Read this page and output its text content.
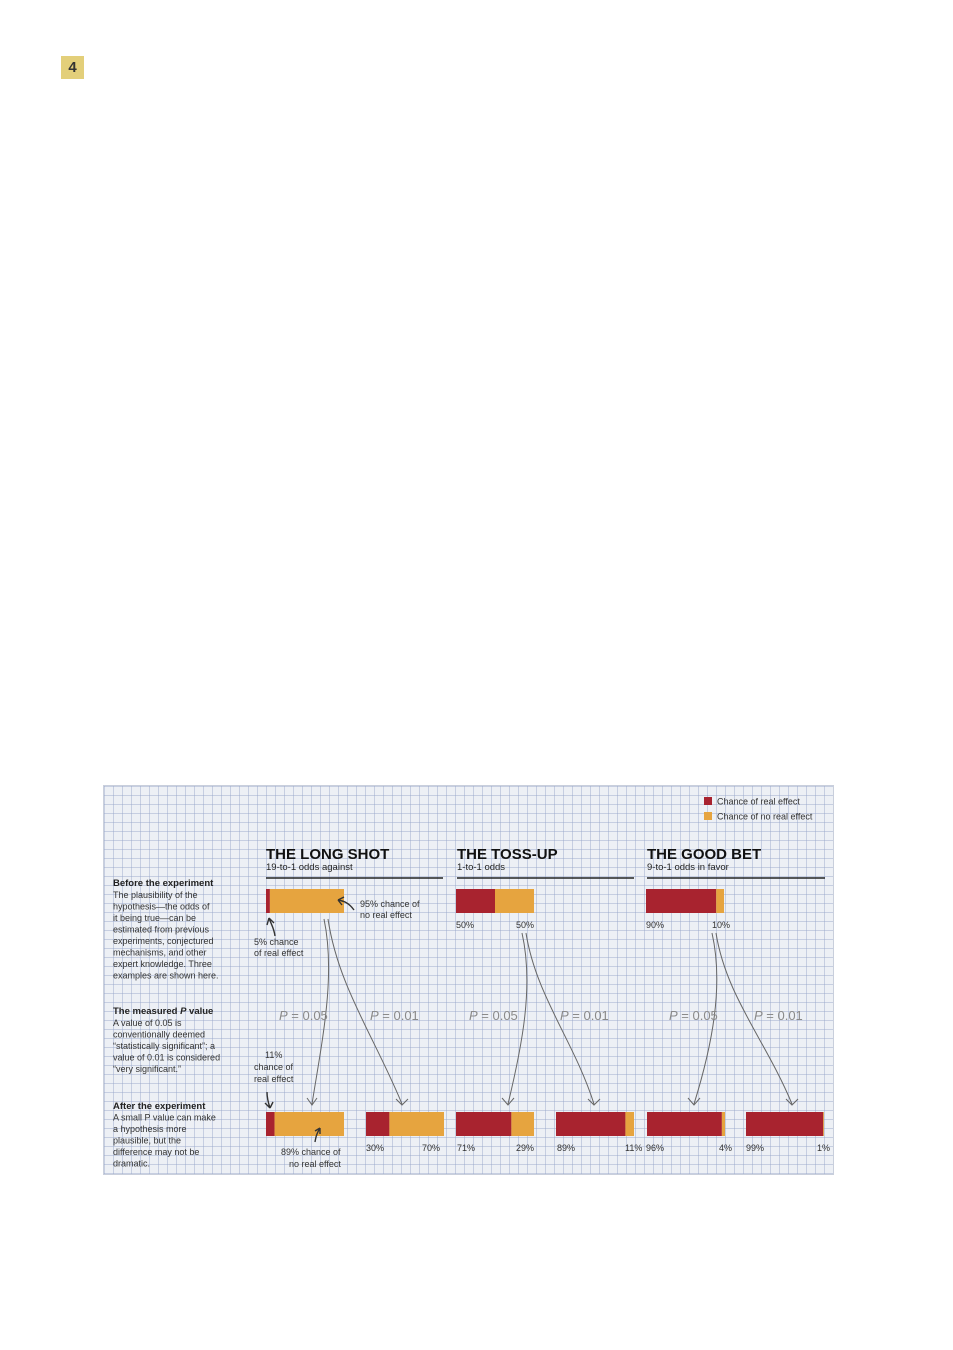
4
Chance of real effect
Chance of no real effect
THE LONG SHOT
19-to-1 odds against
THE TOSS-UP
1-to-1 odds
THE GOOD BET
9-to-1 odds in favor
Before the experiment
The plausibility of the
hypothesis—the odds of
it being true—can be
estimated from previous
experiments, conjectured
mechanisms, and other
expert knowledge. Three
examples are shown here.
The measured P value
A value of 0.05 is
conventionally deemed
“statistically significant”; a
value of 0.01 is considered
“very significant.”
After the experiment
A small P value can make
a hypothesis more
plausible, but the
difference may not be
dramatic.
P = 0.05	P = 0.01	P = 0.05	P = 0.01	P = 0.05	P = 0.01
50%	50%	90%	10%
30%	70% 71%	29%	89%	11% 96%	4% 99%	1%
95% chance of
no real effect
5% chance
of real effect
11%
chance of
real effect
89% chance of
no real effect
